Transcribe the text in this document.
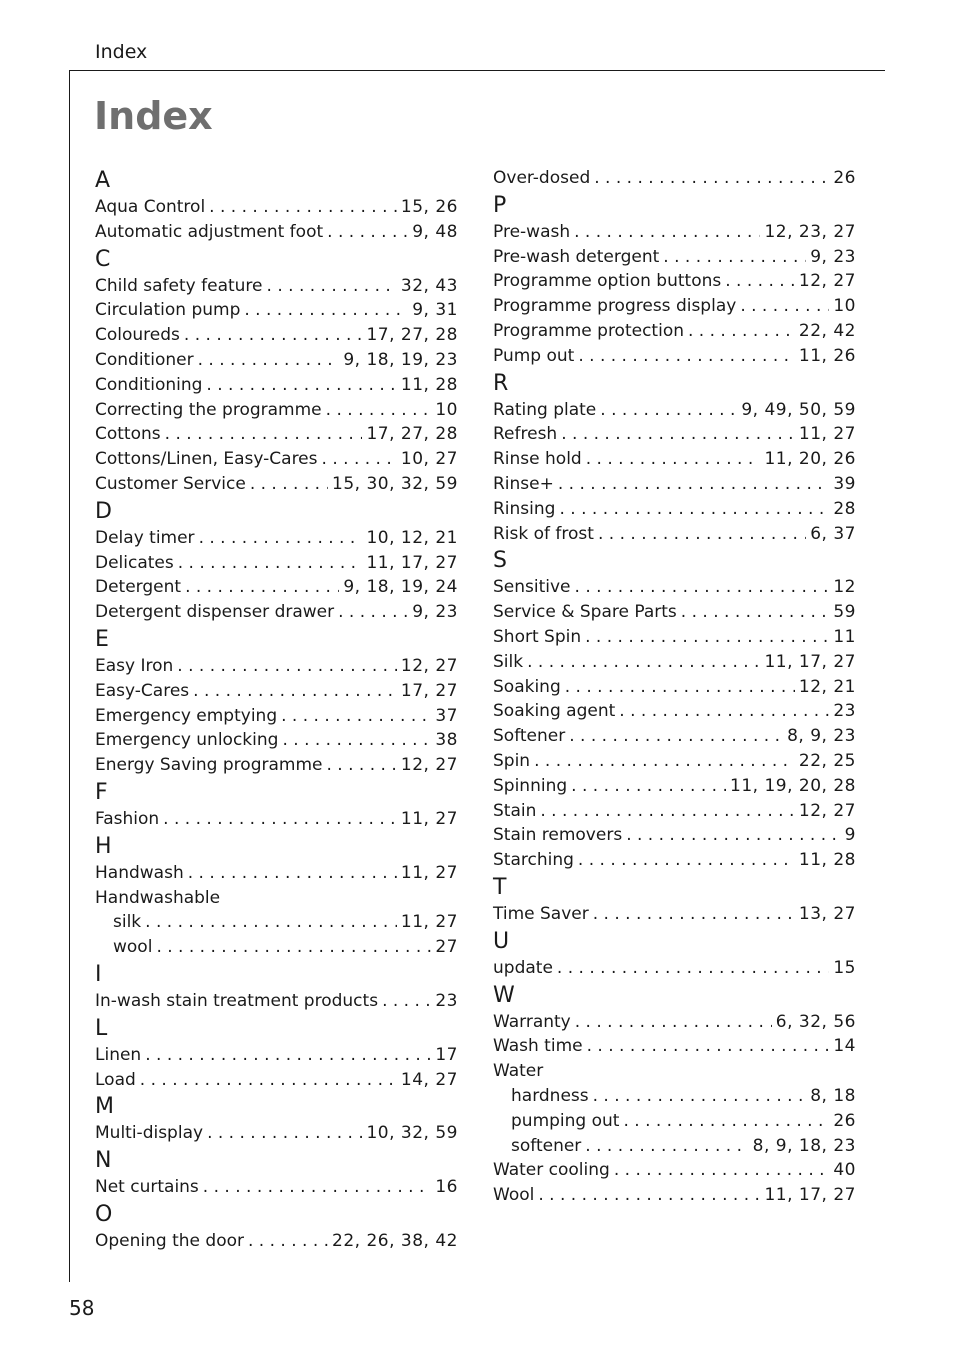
Index
Index
A
Aqua Control . . .	15, 26
Automatic adjustment foot . . .	9, 48
C
Child safety feature . . .	32, 43
Circulation pump . . .	9, 31
Coloureds . . .	17, 27, 28
Conditioner . . .	9, 18, 19, 23
Conditioning . . .	11, 28
Correcting the programme . . .	10
Cottons . . .	17, 27, 28
Cottons/Linen, Easy-Cares . . .	10, 27
Customer Service . . .	15, 30, 32, 59
D
Delay timer . . .	10, 12, 21
Delicates . . .	11, 17, 27
Detergent . . .	9, 18, 19, 24
Detergent dispenser drawer . . .	9, 23
E
Easy Iron . . .	12, 27
Easy-Cares . . .	17, 27
Emergency emptying . . .	37
Emergency unlocking . . .	38
Energy Saving programme . . .	12, 27
F
Fashion . . .	11, 27
H
Handwash . . .	11, 27
Handwashable
silk . . .	11, 27
wool . . .	27
I
In-wash stain treatment products . . .	23
L
Linen . . .	17
Load . . .	14, 27
M
Multi-display . . .	10, 32, 59
N
Net curtains . . .	16
O
Opening the door . . .	22, 26, 38, 42
Over-dosed . . .	26
P
Pre-wash . . .	12, 23, 27
Pre-wash detergent . . .	9, 23
Programme option buttons . . .	12, 27
Programme progress display . . .	10
Programme protection . . .	22, 42
Pump out . . .	11, 26
R
Rating plate . . .	9, 49, 50, 59
Refresh . . .	11, 27
Rinse hold . . .	11, 20, 26
Rinse+ . . .	39
Rinsing . . .	28
Risk of frost . . .	6, 37
S
Sensitive . . .	12
Service & Spare Parts . . .	59
Short Spin . . .	11
Silk . . .	11, 17, 27
Soaking . . .	12, 21
Soaking agent . . .	23
Softener . . .	8, 9, 23
Spin . . .	22, 25
Spinning . . .	11, 19, 20, 28
Stain . . .	12, 27
Stain removers . . .	9
Starching . . .	11, 28
T
Time Saver . . .	13, 27
U
update . . .	15
W
Warranty . . .	6, 32, 56
Wash time . . .	14
Water
hardness . . .	8, 18
pumping out . . .	26
softener . . .	8, 9, 18, 23
Water cooling . . .	40
Wool . . .	11, 17, 27
58
